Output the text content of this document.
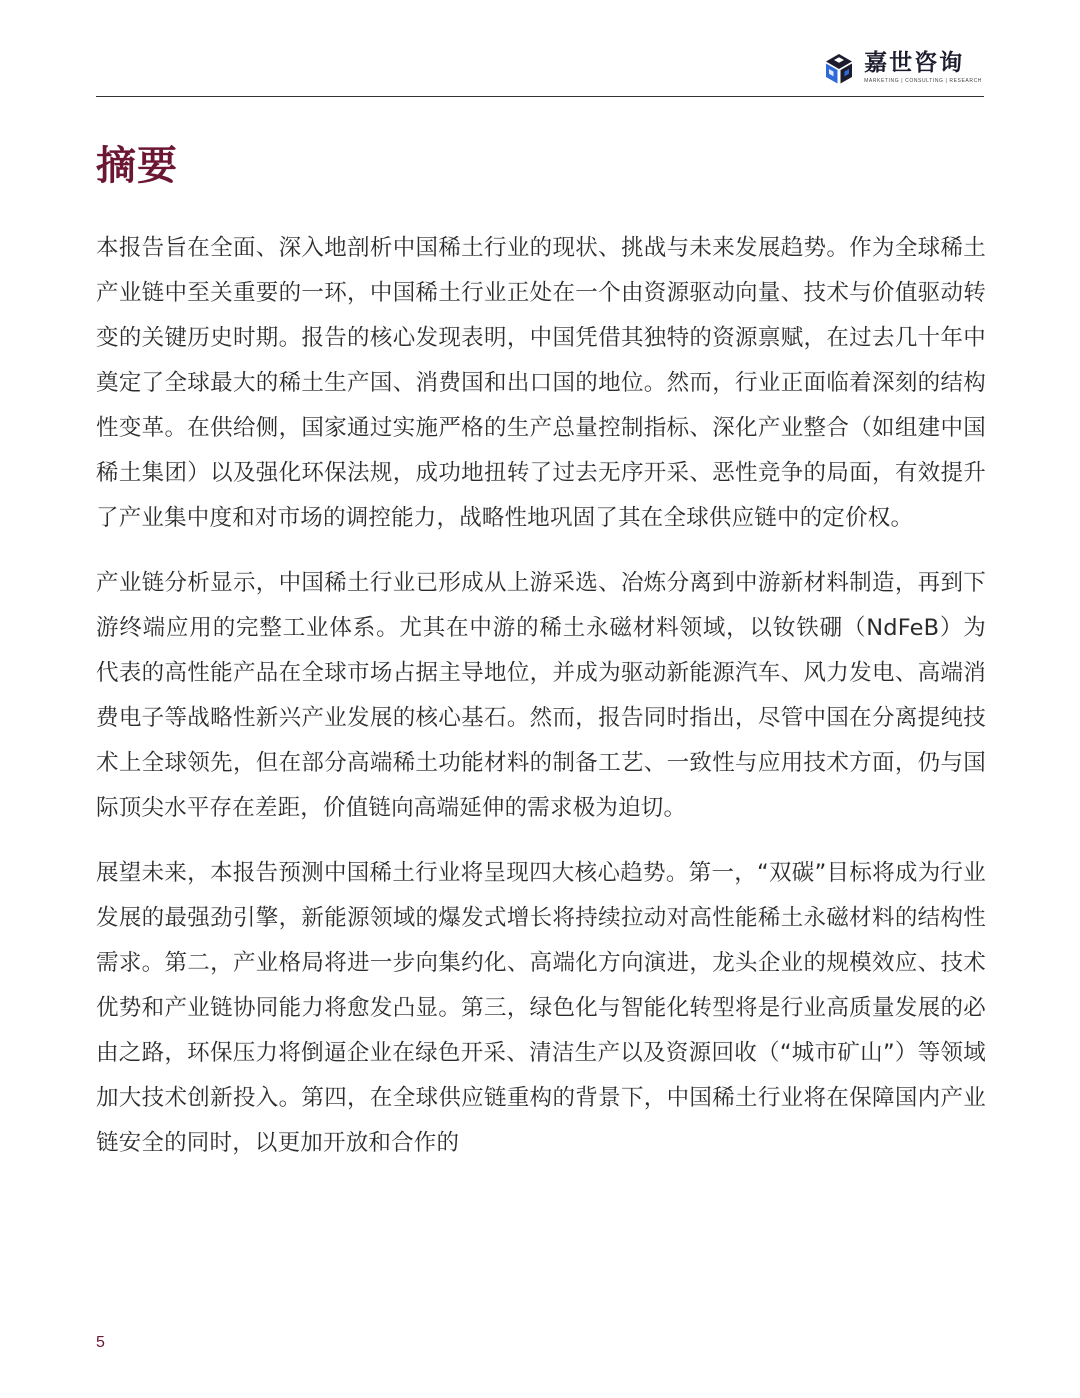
嘉世咨询
MARKETING | CONSULTING | RESEARCH
摘要

本报告旨在全面、深入地剖析中国稀土行业的现状、挑战与未来发展趋势。作为全球稀土产业链中至关重要的一环，中国稀土行业正处在一个由资源驱动向量、技术与价值驱动转变的关键历史时期。报告的核心发现表明，中国凭借其独特的资源禀赋，在过去几十年中奠定了全球最大的稀土生产国、消费国和出口国的地位。然而，行业正面临着深刻的结构性变革。在供给侧，国家通过实施严格的生产总量控制指标、深化产业整合（如组建中国稀土集团）以及强化环保法规，成功地扭转了过去无序开采、恶性竞争的局面，有效提升了产业集中度和对市场的调控能力，战略性地巩固了其在全球供应链中的定价权。

产业链分析显示，中国稀土行业已形成从上游采选、冶炼分离到中游新材料制造，再到下游终端应用的完整工业体系。尤其在中游的稀土永磁材料领域，以钕铁硼（NdFeB）为代表的高性能产品在全球市场占据主导地位，并成为驱动新能源汽车、风力发电、高端消费电子等战略性新兴产业发展的核心基石。然而，报告同时指出，尽管中国在分离提纯技术上全球领先，但在部分高端稀土功能材料的制备工艺、一致性与应用技术方面，仍与国际顶尖水平存在差距，价值链向高端延伸的需求极为迫切。

展望未来，本报告预测中国稀土行业将呈现四大核心趋势。第一，“双碳”目标将成为行业发展的最强劲引擎，新能源领域的爆发式增长将持续拉动对高性能稀土永磁材料的结构性需求。第二，产业格局将进一步向集约化、高端化方向演进，龙头企业的规模效应、技术优势和产业链协同能力将愈发凸显。第三，绿色化与智能化转型将是行业高质量发展的必由之路，环保压力将倒逼企业在绿色开采、清洁生产以及资源回收（“城市矿山”）等领域加大技术创新投入。第四，在全球供应链重构的背景下，中国稀土行业将在保障国内产业链安全的同时，以更加开放和合作的

5
